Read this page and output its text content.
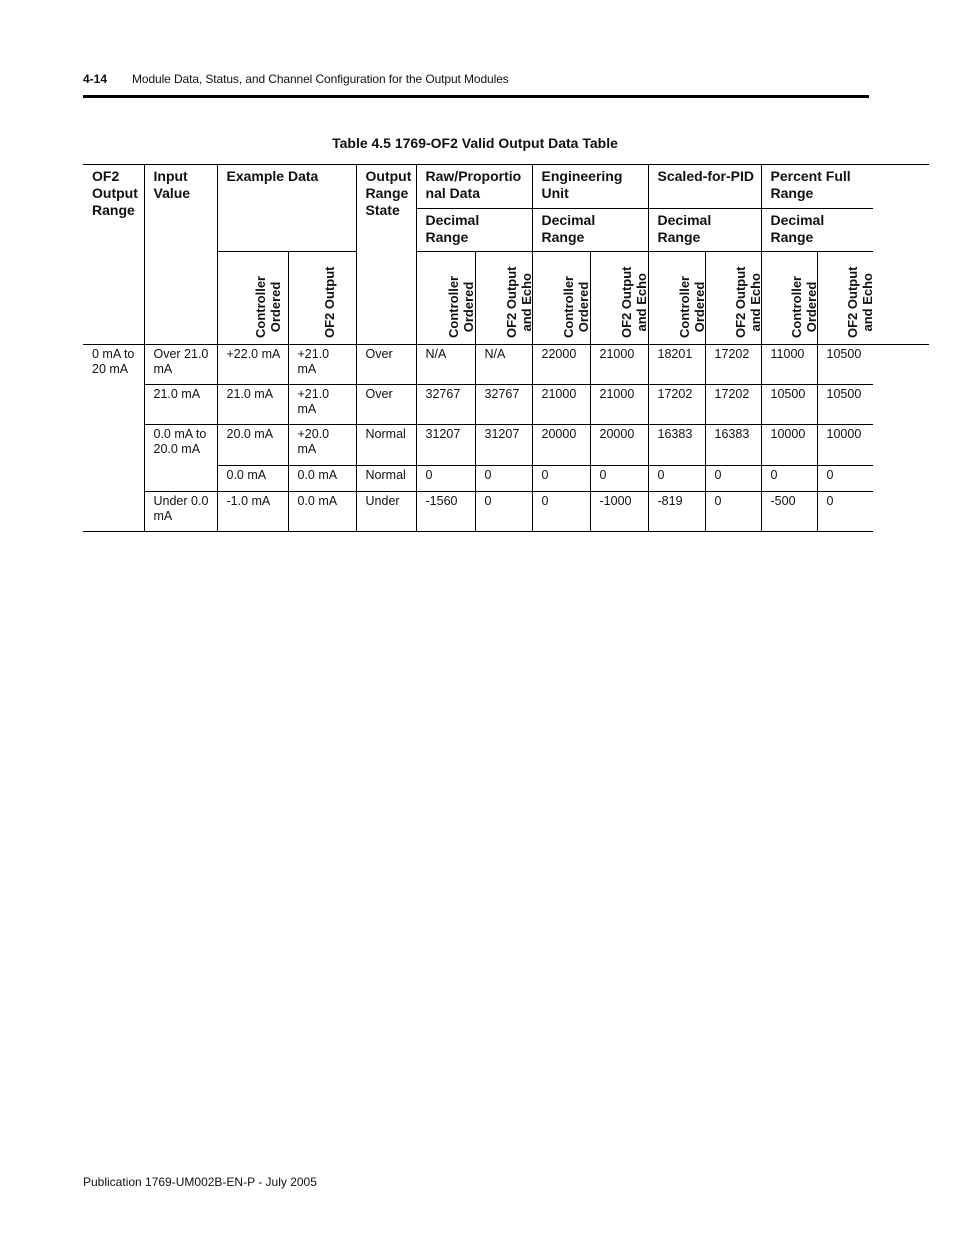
4-14 Module Data, Status, and Channel Configuration for the Output Modules
Table 4.5 1769-OF2 Valid Output Data Table
OF2 Output Range	Input Value	Example Data		Output Range State	Raw/Proportio nal Data		Engineering Unit		Scaled-for-PID		Percent Full Range	
					Decimal Range		Decimal Range		Decimal Range		Decimal Range	

		Controller Ordered	OF2 Output		Controller Ordered	OF2 Output and Echo	Controller Ordered	OF2 Output and Echo	Controller Ordered	OF2 Output and Echo	Controller Ordered	OF2 Output and Echo

0 mA to 20 mA	Over 21.0 mA	+22.0 mA	+21.0 mA	Over	N/A	N/A	22000	21000	18201	17202	11000	10500
	21.0 mA	21.0 mA	+21.0 mA	Over	32767	32767	21000	21000	17202	17202	10500	10500
	0.0 mA to 20.0 mA	20.0 mA	+20.0 mA	Normal	31207	31207	20000	20000	16383	16383	10000	10000
		0.0 mA	0.0 mA	Normal	0	0	0	0	0	0	0	0
	Under 0.0 mA	-1.0 mA	0.0 mA	Under	-1560	0	0	-1000	-819	0	-500	0
Publication 1769-UM002B-EN-P - July 2005
